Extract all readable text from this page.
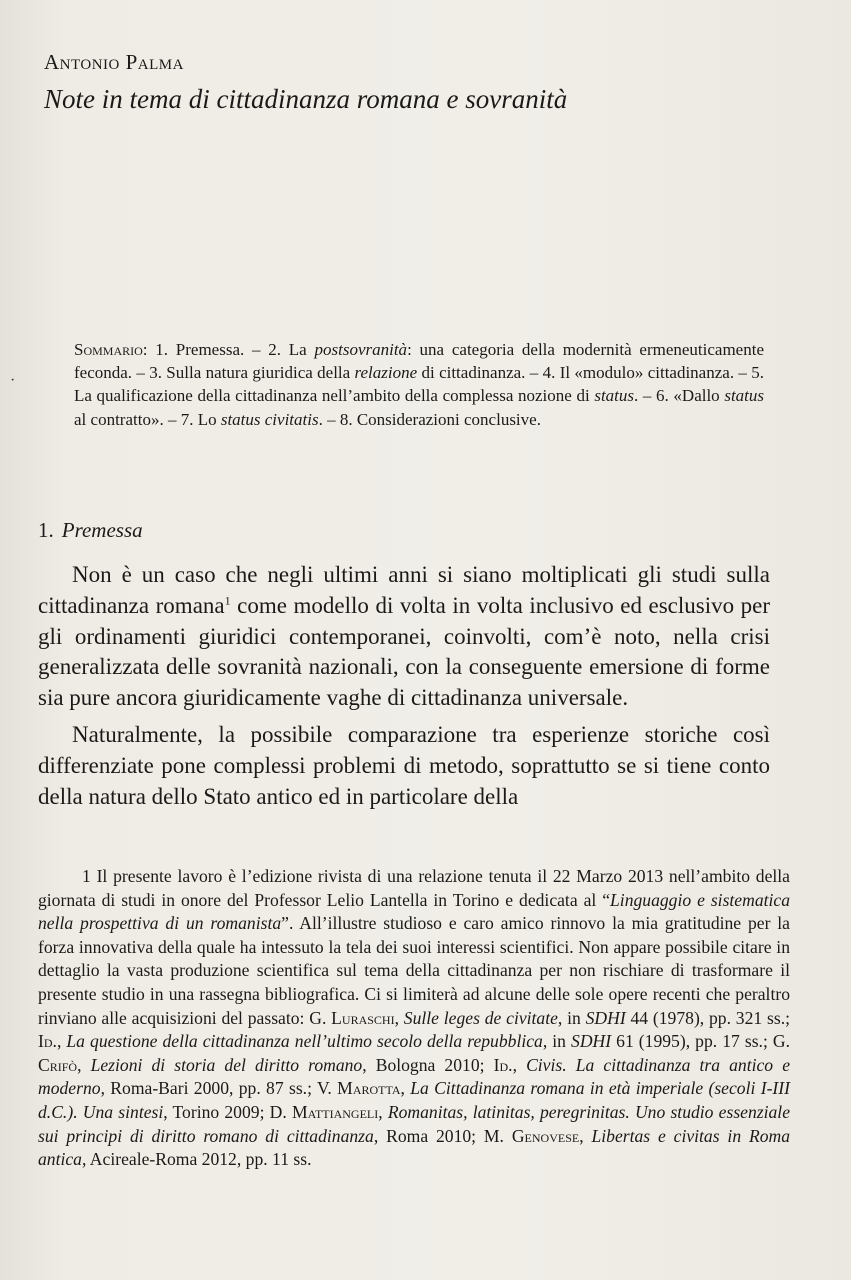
·
Antonio Palma
Note in tema di cittadinanza romana e sovranità
Sommario: 1. Premessa. – 2. La postsovranità: una categoria della modernità ermeneuticamente feconda. – 3. Sulla natura giuridica della relazione di cittadinanza. – 4. Il «modulo» cittadinanza. – 5. La qualificazione della cittadinanza nell’ambito della complessa nozione di status. – 6. «Dallo status al contratto». – 7. Lo status civitatis. – 8. Considerazioni conclusive.
1. Premessa

Non è un caso che negli ultimi anni si siano moltiplicati gli studi sulla cittadinanza romana$^1$ come modello di volta in volta inclusivo ed esclusivo per gli ordinamenti giuridici contemporanei, coinvolti, com’è noto, nella crisi generalizzata delle sovranità nazionali, con la conseguente emersione di forme sia pure ancora giuridicamente vaghe di cittadinanza universale.

Naturalmente, la possibile comparazione tra esperienze storiche così differenziate pone complessi problemi di metodo, soprattutto se si tiene conto della natura dello Stato antico ed in particolare della

1 Il presente lavoro è l’edizione rivista di una relazione tenuta il 22 Marzo 2013 nell’ambito della giornata di studi in onore del Professor Lelio Lantella in Torino e dedicata al “Linguaggio e sistematica nella prospettiva di un romanista”. All’illustre studioso e caro amico rinnovo la mia gratitudine per la forza innovativa della quale ha intessuto la tela dei suoi interessi scientifici. Non appare possibile citare in dettaglio la vasta produzione scientifica sul tema della cittadinanza per non rischiare di trasformare il presente studio in una rassegna bibliografica. Ci si limiterà ad alcune delle sole opere recenti che peraltro rinviano alle acquisizioni del passato: G. Luraschi, Sulle leges de civitate, in SDHI 44 (1978), pp. 321 ss.; Id., La questione della cittadinanza nell’ultimo secolo della repubblica, in SDHI 61 (1995), pp. 17 ss.; G. Crifò, Lezioni di storia del diritto romano, Bologna 2010; Id., Civis. La cittadinanza tra antico e moderno, Roma-Bari 2000, pp. 87 ss.; V. Marotta, La Cittadinanza romana in età imperiale (secoli I-III d.C.). Una sintesi, Torino 2009; D. Mattiangeli, Romanitas, latinitas, peregrinitas. Uno studio essenziale sui principi di diritto romano di cittadinanza, Roma 2010; M. Genovese, Libertas e civitas in Roma antica, Acireale-Roma 2012, pp. 11 ss.
